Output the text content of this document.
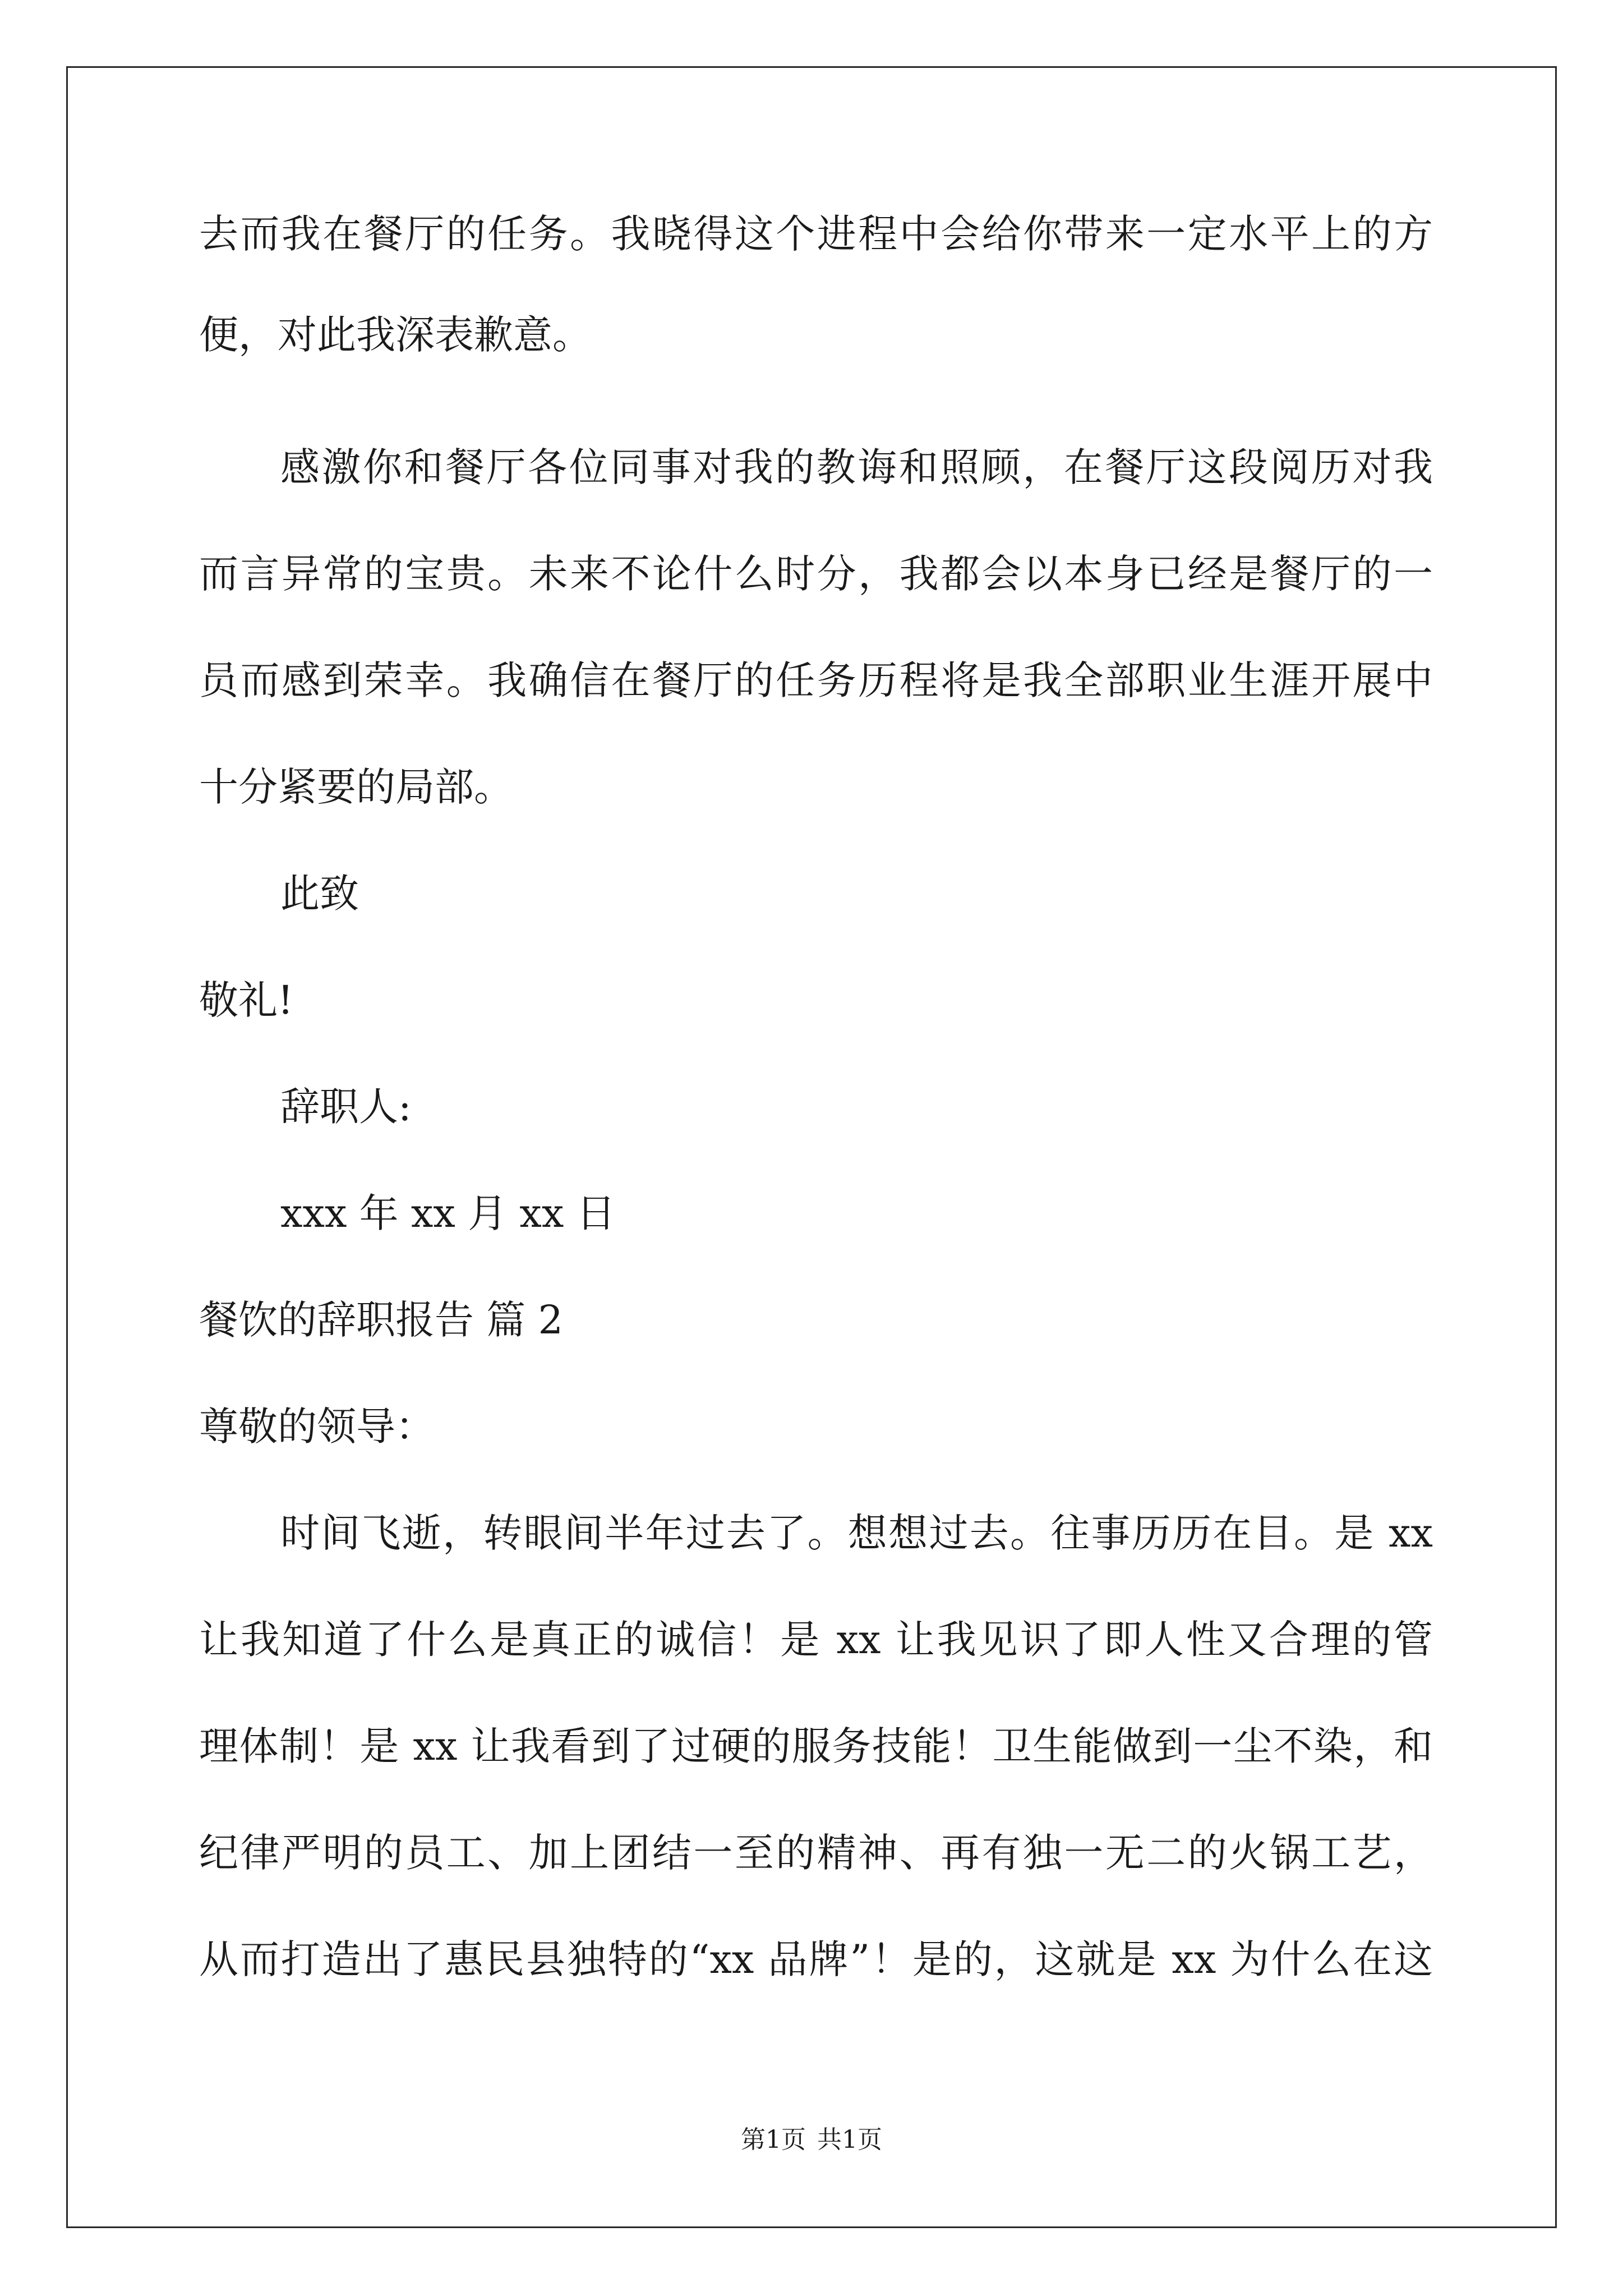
去而我在餐厅的任务。我晓得这个进程中会给你带来一定水平上的方
便，对此我深表歉意。
感激你和餐厅各位同事对我的教诲和照顾，在餐厅这段阅历对我
而言异常的宝贵。未来不论什么时分，我都会以本身已经是餐厅的一
员而感到荣幸。我确信在餐厅的任务历程将是我全部职业生涯开展中
十分紧要的局部。
此致
敬礼!
辞职人:
xxx 年 xx 月 xx 日
餐饮的辞职报告 篇 2
尊敬的领导：
时间飞逝，转眼间半年过去了。想想过去。往事历历在目。是 xx
让我知道了什么是真正的诚信！是 xx 让我见识了即人性又合理的管
理体制！是 xx 让我看到了过硬的服务技能！卫生能做到一尘不染，和
纪律严明的员工、加上团结一至的精神、再有独一无二的火锅工艺，
从而打造出了惠民县独特的“xx 品牌”！是的，这就是 xx 为什么在这
第1页 共1页
